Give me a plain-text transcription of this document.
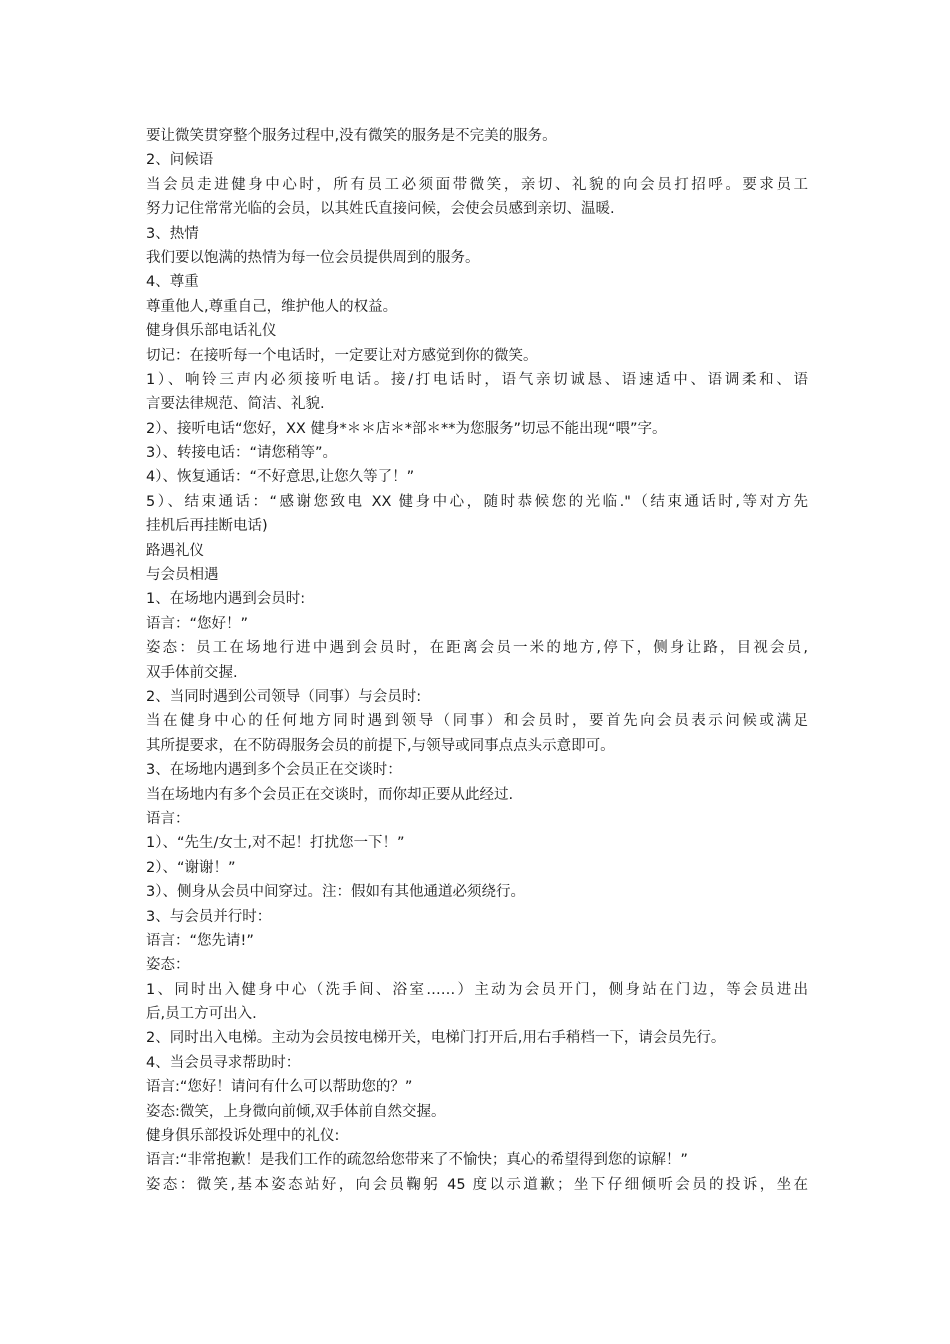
要让微笑贯穿整个服务过程中,没有微笑的服务是不完美的服务。
2、问候语
当会员走进健身中心时，所有员工必须面带微笑，亲切、礼貌的向会员打招呼。要求员工
努力记住常常光临的会员，以其姓氏直接问候，会使会员感到亲切、温暖.
3、热情
我们要以饱满的热情为每一位会员提供周到的服务。
4、尊重
尊重他人,尊重自己，维护他人的权益。
健身俱乐部电话礼仪
切记：在接听每一个电话时，一定要让对方感觉到你的微笑。
1）、响铃三声内必须接听电话。接/打电话时，语气亲切诚恳、语速适中、语调柔和、语
言要法律规范、简洁、礼貌.
2）、接听电话“您好，XX 健身*＊＊店＊*部＊**为您服务”切忌不能出现“喂”字。
3）、转接电话：“请您稍等”。
4）、恢复通话：“不好意思,让您久等了！”
5）、结束通话：“感谢您致电 XX 健身中心，随时恭候您的光临."（结束通话时,等对方先
挂机后再挂断电话)
路遇礼仪
与会员相遇
1、在场地内遇到会员时:
语言：“您好！”
姿态：员工在场地行进中遇到会员时，在距离会员一米的地方,停下，侧身让路，目视会员,
双手体前交握.
2、当同时遇到公司领导（同事）与会员时:
当在健身中心的任何地方同时遇到领导（同事）和会员时，要首先向会员表示问候或满足
其所提要求，在不防碍服务会员的前提下,与领导或同事点点头示意即可。
3、在场地内遇到多个会员正在交谈时：
当在场地内有多个会员正在交谈时，而你却正要从此经过.
语言：
1）、“先生/女士,对不起！打扰您一下！”
2）、“谢谢！”
3）、侧身从会员中间穿过。注：假如有其他通道必须绕行。
3、与会员并行时：
语言：“您先请!”
姿态：
1、同时出入健身中心（洗手间、浴室……）主动为会员开门，侧身站在门边，等会员进出
后,员工方可出入.
2、同时出入电梯。主动为会员按电梯开关，电梯门打开后,用右手稍档一下，请会员先行。
4、当会员寻求帮助时：
语言:“您好！请问有什么可以帮助您的？”
姿态:微笑，上身微向前倾,双手体前自然交握。
健身俱乐部投诉处理中的礼仪:
语言:“非常抱歉！是我们工作的疏忽给您带来了不愉快；真心的希望得到您的谅解！”
姿态：微笑,基本姿态站好，向会员鞠躬 45 度以示道歉；坐下仔细倾听会员的投诉，坐在
